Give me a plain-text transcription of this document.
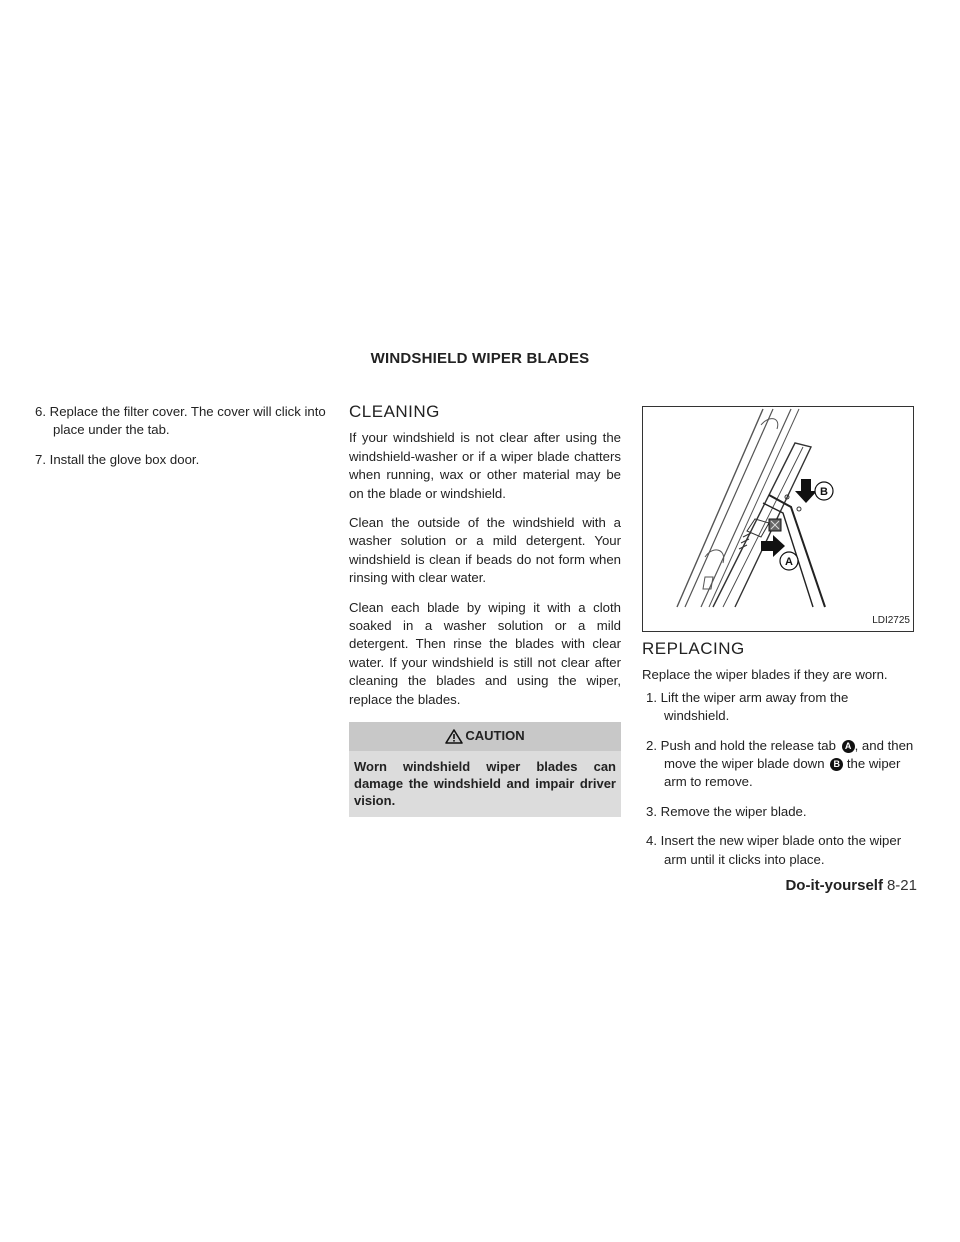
WINDSHIELD WIPER BLADES
6. Replace the filter cover. The cover will click into place under the tab.
7. Install the glove box door.
CLEANING

If your windshield is not clear after using the windshield-washer or if a wiper blade chatters when running, wax or other material may be on the blade or windshield.

Clean the outside of the windshield with a washer solution or a mild detergent. Your windshield is clean if beads do not form when rinsing with clear water.

Clean each blade by wiping it with a cloth soaked in a washer solution or a mild detergent. Then rinse the blades with clear water. If your windshield is still not clear after cleaning the blades and using the wiper, replace the blades.

CAUTION
Worn windshield wiper blades can damage the windshield and impair driver vision.
B
A
LDI2725
REPLACING

Replace the wiper blades if they are worn.

1. Lift the wiper arm away from the windshield.
2. Push and hold the release tab A , and then move the wiper blade down B the wiper arm to remove.
3. Remove the wiper blade.
4. Insert the new wiper blade onto the wiper arm until it clicks into place.
Do-it-yourself 8-21
